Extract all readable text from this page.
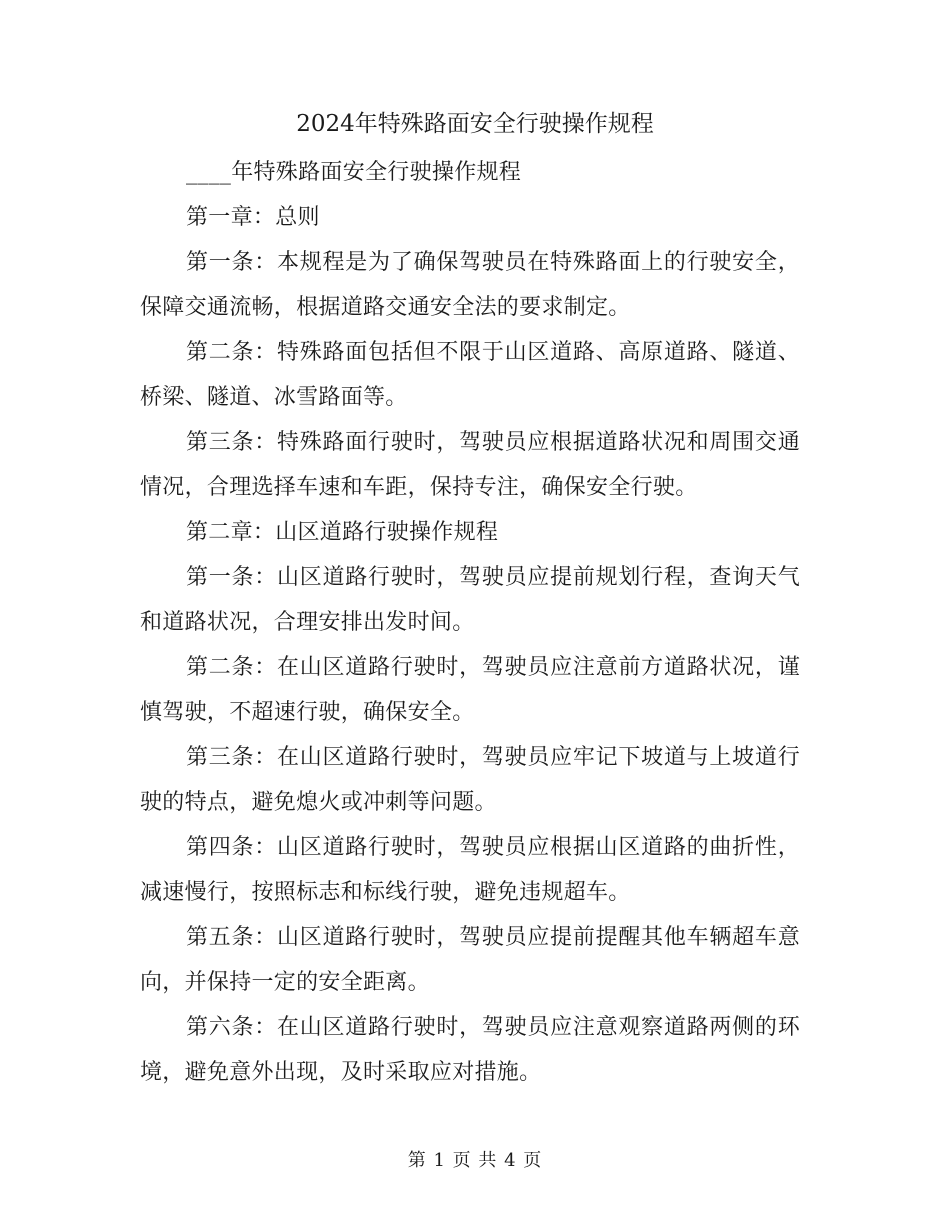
2024年特殊路面安全行驶操作规程

____年特殊路面安全行驶操作规程

第一章：总则

第一条：本规程是为了确保驾驶员在特殊路面上的行驶安全，保障交通流畅，根据道路交通安全法的要求制定。

第二条：特殊路面包括但不限于山区道路、高原道路、隧道、桥梁、隧道、冰雪路面等。

第三条：特殊路面行驶时，驾驶员应根据道路状况和周围交通情况，合理选择车速和车距，保持专注，确保安全行驶。

第二章：山区道路行驶操作规程

第一条：山区道路行驶时，驾驶员应提前规划行程，查询天气和道路状况，合理安排出发时间。

第二条：在山区道路行驶时，驾驶员应注意前方道路状况，谨慎驾驶，不超速行驶，确保安全。

第三条：在山区道路行驶时，驾驶员应牢记下坡道与上坡道行驶的特点，避免熄火或冲刺等问题。

第四条：山区道路行驶时，驾驶员应根据山区道路的曲折性，减速慢行，按照标志和标线行驶，避免违规超车。

第五条：山区道路行驶时，驾驶员应提前提醒其他车辆超车意向，并保持一定的安全距离。

第六条：在山区道路行驶时，驾驶员应注意观察道路两侧的环境，避免意外出现，及时采取应对措施。

第 1 页 共 4 页
